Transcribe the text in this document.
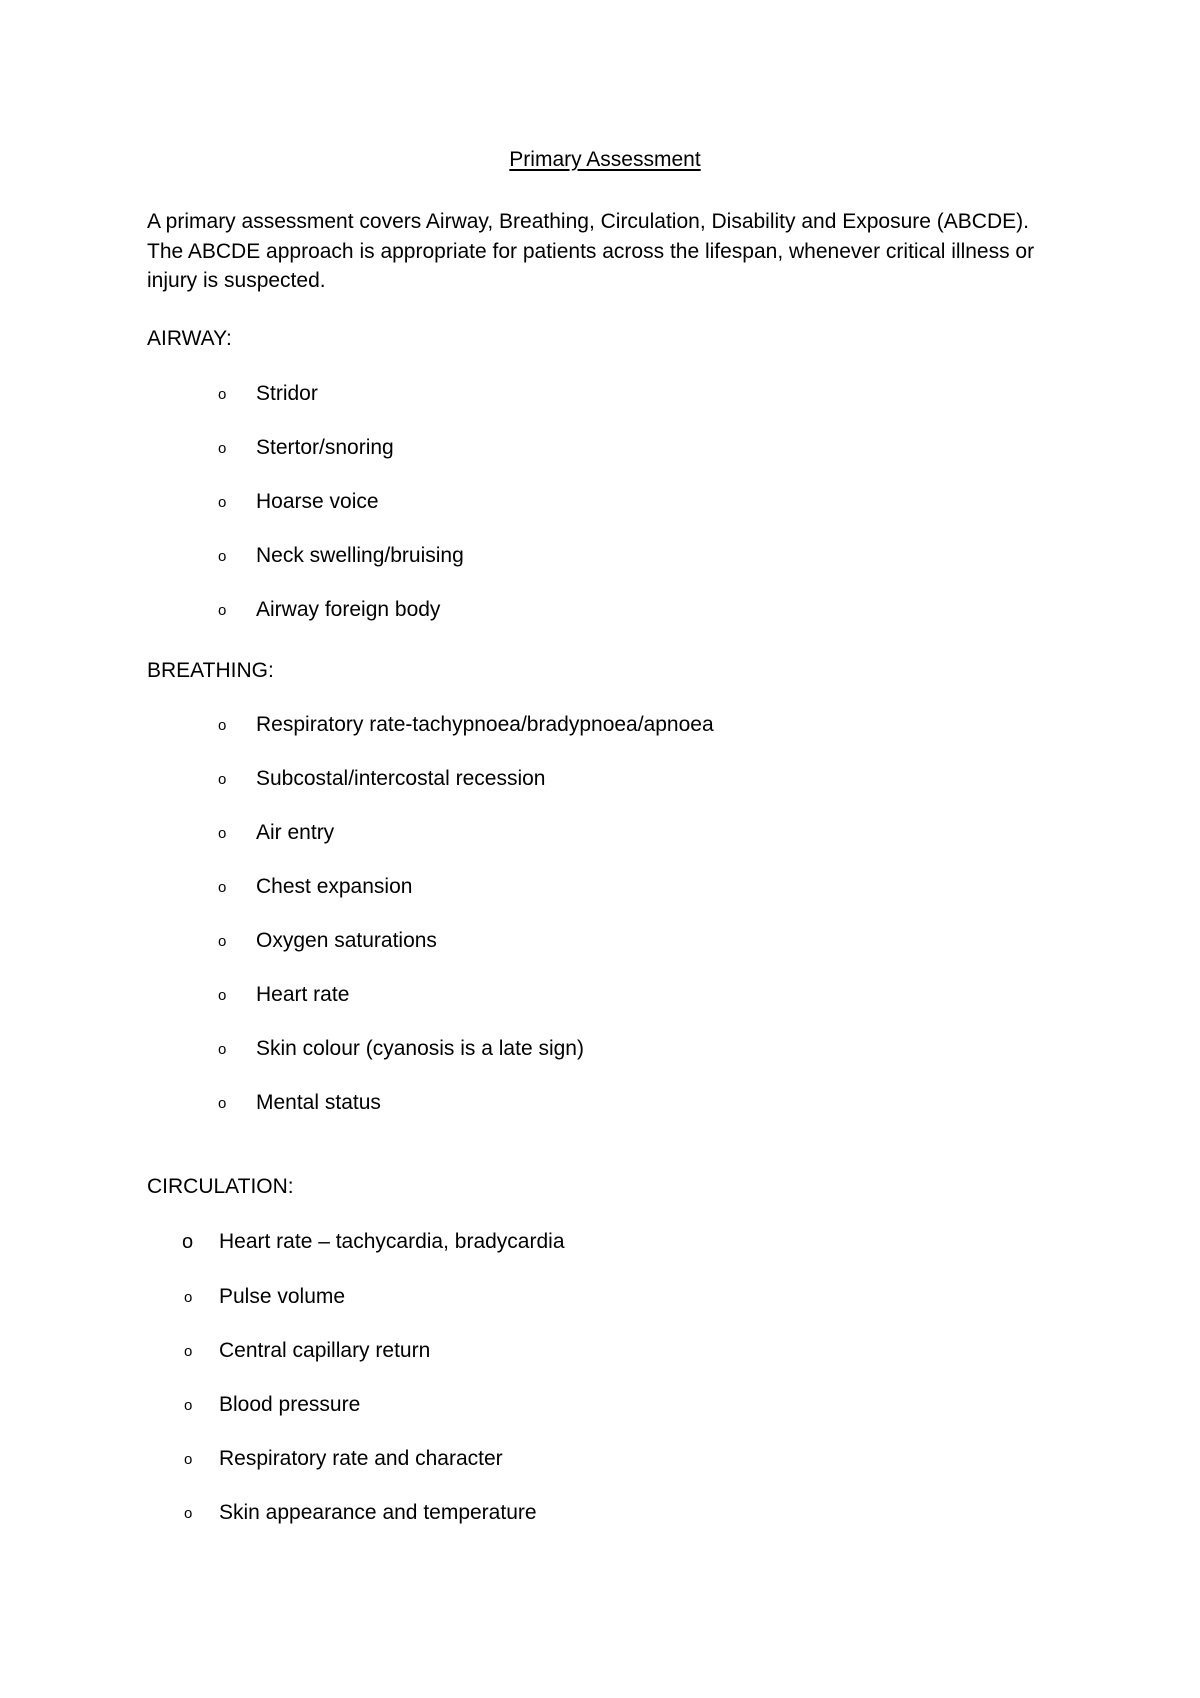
Primary Assessment
A primary assessment covers Airway, Breathing, Circulation, Disability and Exposure (ABCDE). The ABCDE approach is appropriate for patients across the lifespan, whenever critical illness or injury is suspected.
AIRWAY:
o Stridor
o Stertor/snoring
o Hoarse voice
o Neck swelling/bruising
o Airway foreign body
BREATHING:
o Respiratory rate-tachypnoea/bradypnoea/apnoea
o Subcostal/intercostal recession
o Air entry
o Chest expansion
o Oxygen saturations
o Heart rate
o Skin colour (cyanosis is a late sign)
o Mental status
CIRCULATION:
o Heart rate – tachycardia, bradycardia
o Pulse volume
o Central capillary return
o Blood pressure
o Respiratory rate and character
o Skin appearance and temperature
